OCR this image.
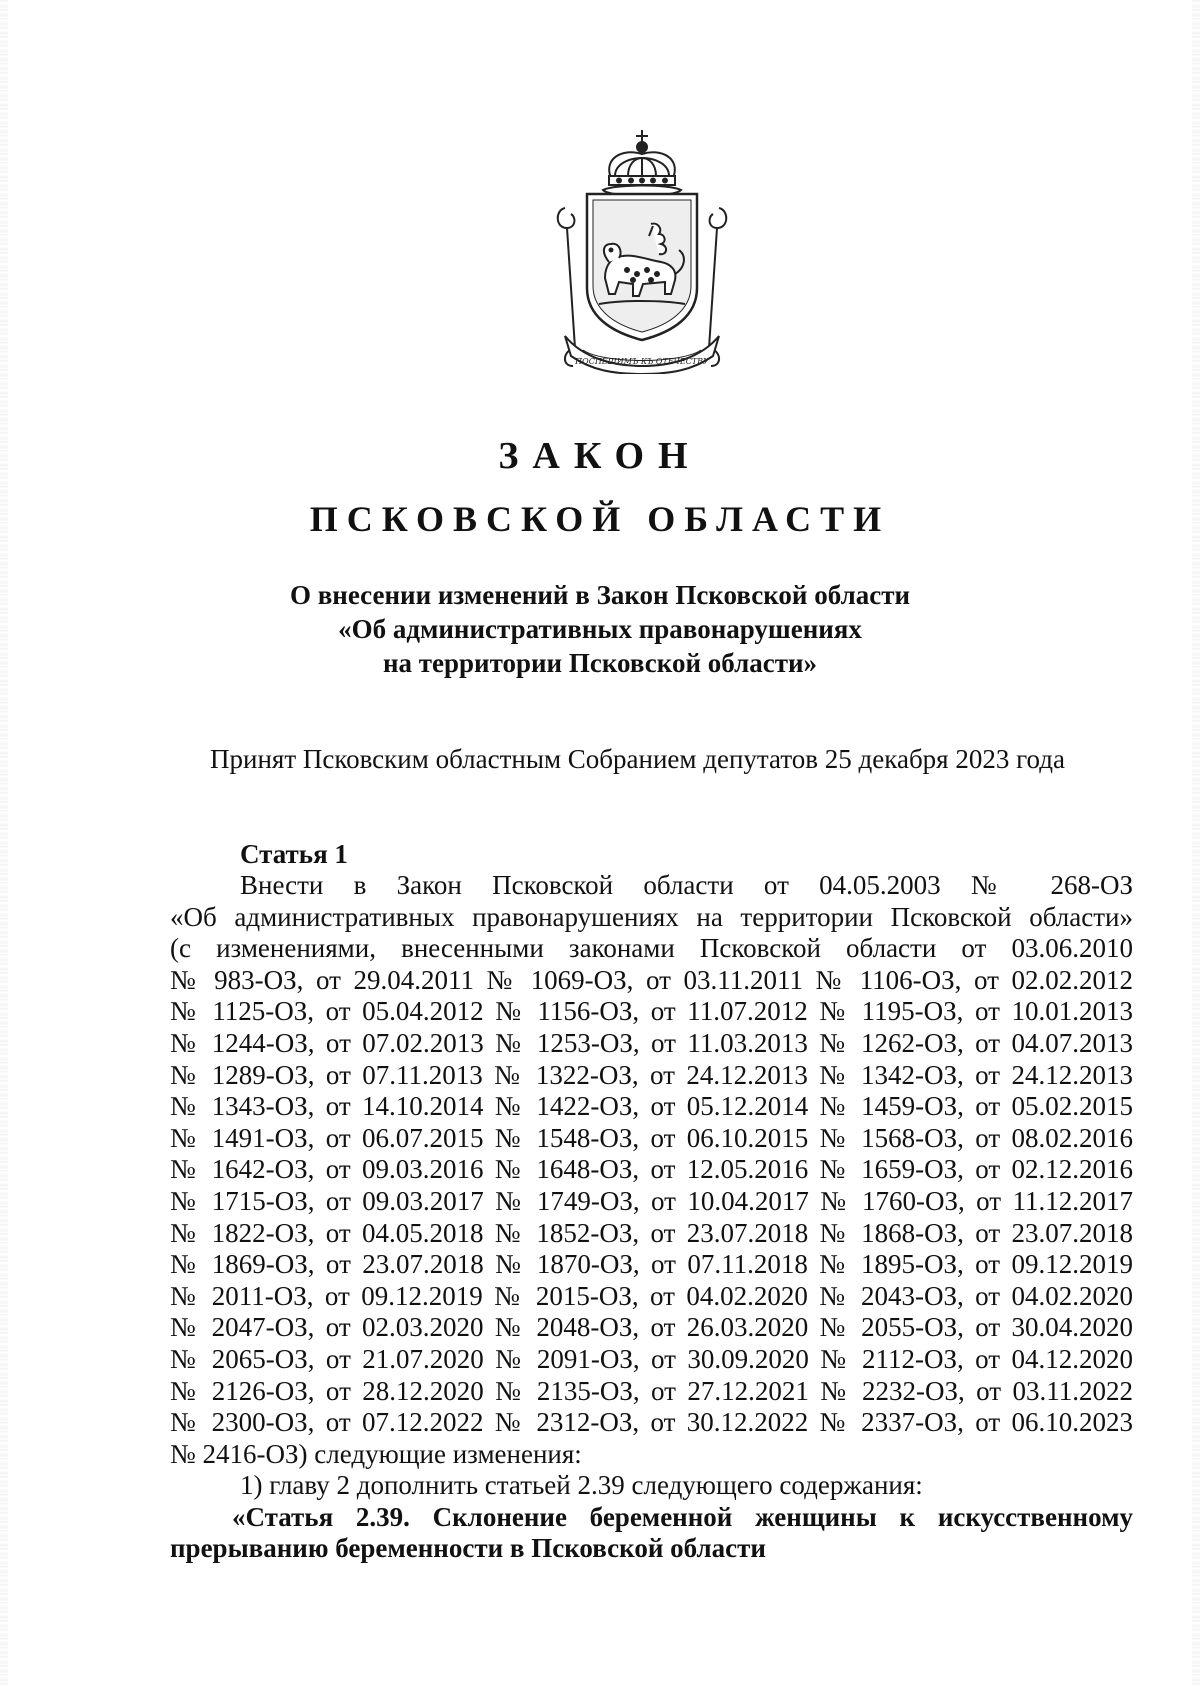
ПОСПЕШИМЪ КЪ ОТЕЧЕСТВУ
ЗАКОН
ПСКОВСКОЙ ОБЛАСТИ
О внесении изменений в Закон Псковской области
«Об административных правонарушениях
на территории Псковской области»
Принят Псковским областным Собранием депутатов 25 декабря 2023 года
Статья 1
Внести в Закон Псковской области от 04.05.2003 № 268-ОЗ
«Об административных правонарушениях на территории Псковской области»
(с изменениями, внесенными законами Псковской области от 03.06.2010
№ 983-ОЗ, от 29.04.2011 № 1069-ОЗ, от 03.11.2011 № 1106-ОЗ, от 02.02.2012
№ 1125-ОЗ, от 05.04.2012 № 1156-ОЗ, от 11.07.2012 № 1195-ОЗ, от 10.01.2013
№ 1244-ОЗ, от 07.02.2013 № 1253-ОЗ, от 11.03.2013 № 1262-ОЗ, от 04.07.2013
№ 1289-ОЗ, от 07.11.2013 № 1322-ОЗ, от 24.12.2013 № 1342-ОЗ, от 24.12.2013
№ 1343-ОЗ, от 14.10.2014 № 1422-ОЗ, от 05.12.2014 № 1459-ОЗ, от 05.02.2015
№ 1491-ОЗ, от 06.07.2015 № 1548-ОЗ, от 06.10.2015 № 1568-ОЗ, от 08.02.2016
№ 1642-ОЗ, от 09.03.2016 № 1648-ОЗ, от 12.05.2016 № 1659-ОЗ, от 02.12.2016
№ 1715-ОЗ, от 09.03.2017 № 1749-ОЗ, от 10.04.2017 № 1760-ОЗ, от 11.12.2017
№ 1822-ОЗ, от 04.05.2018 № 1852-ОЗ, от 23.07.2018 № 1868-ОЗ, от 23.07.2018
№ 1869-ОЗ, от 23.07.2018 № 1870-ОЗ, от 07.11.2018 № 1895-ОЗ, от 09.12.2019
№ 2011-ОЗ, от 09.12.2019 № 2015-ОЗ, от 04.02.2020 № 2043-ОЗ, от 04.02.2020
№ 2047-ОЗ, от 02.03.2020 № 2048-ОЗ, от 26.03.2020 № 2055-ОЗ, от 30.04.2020
№ 2065-ОЗ, от 21.07.2020 № 2091-ОЗ, от 30.09.2020 № 2112-ОЗ, от 04.12.2020
№ 2126-ОЗ, от 28.12.2020 № 2135-ОЗ, от 27.12.2021 № 2232-ОЗ, от 03.11.2022
№ 2300-ОЗ, от 07.12.2022 № 2312-ОЗ, от 30.12.2022 № 2337-ОЗ, от 06.10.2023
№ 2416-ОЗ) следующие изменения:
1) главу 2 дополнить статьей 2.39 следующего содержания:
«Статья 2.39. Склонение беременной женщины к искусственному
прерыванию беременности в Псковской области
